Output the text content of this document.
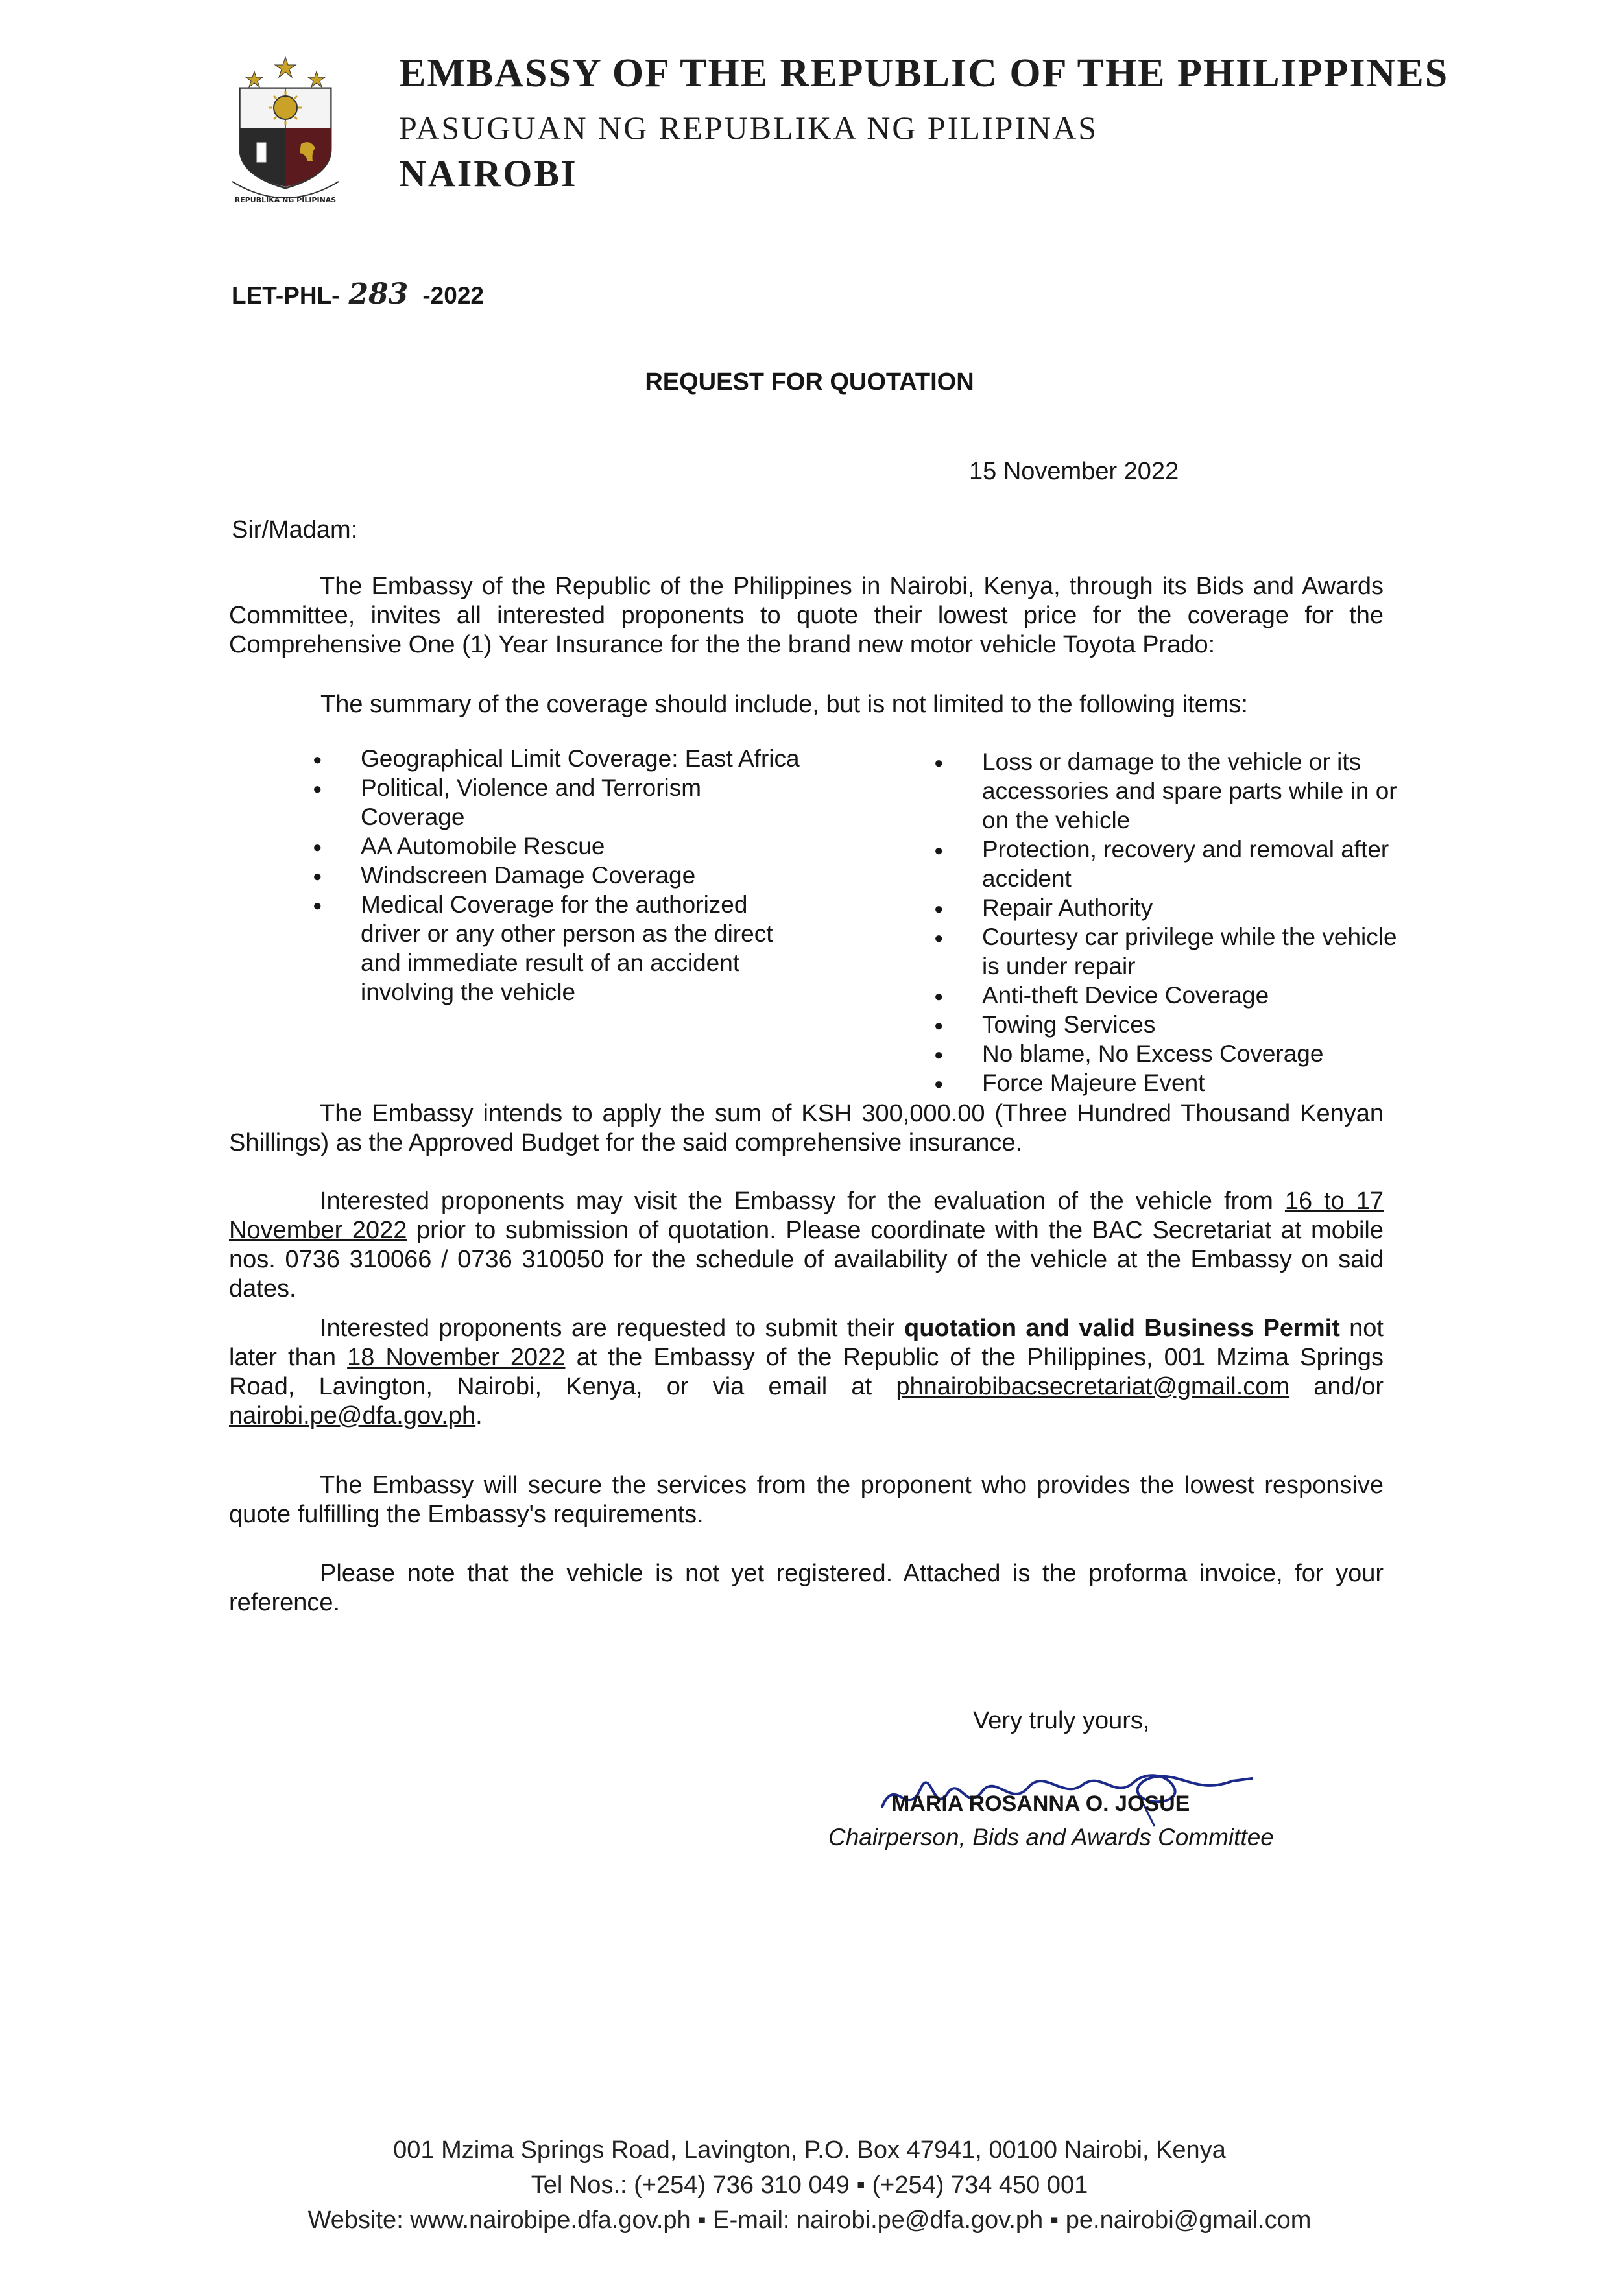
REPUBLIKA NG PILIPINAS
EMBASSY OF THE REPUBLIC OF THE PHILIPPINES
PASUGUAN NG REPUBLIKA NG PILIPINAS
NAIROBI
LET-PHL- 283 -2022
REQUEST FOR QUOTATION
15 November 2022
Sir/Madam:

The Embassy of the Republic of the Philippines in Nairobi, Kenya, through its Bids and Awards Committee, invites all interested proponents to quote their lowest price for the coverage for the Comprehensive One (1) Year Insurance for the the brand new motor vehicle Toyota Prado:

The summary of the coverage should include, but is not limited to the following items:

● Geographical Limit Coverage: East Africa
● Political, Violence and Terrorism Coverage
● AA Automobile Rescue
● Windscreen Damage Coverage
● Medical Coverage for the authorized driver or any other person as the direct and immediate result of an accident involving the vehicle
● Loss or damage to the vehicle or its accessories and spare parts while in or on the vehicle
● Protection, recovery and removal after accident
● Repair Authority
● Courtesy car privilege while the vehicle is under repair
● Anti-theft Device Coverage
● Towing Services
● No blame, No Excess Coverage
● Force Majeure Event

The Embassy intends to apply the sum of KSH 300,000.00 (Three Hundred Thousand Kenyan Shillings) as the Approved Budget for the said comprehensive insurance.

Interested proponents may visit the Embassy for the evaluation of the vehicle from 16 to 17 November 2022 prior to submission of quotation. Please coordinate with the BAC Secretariat at mobile nos. 0736 310066 / 0736 310050 for the schedule of availability of the vehicle at the Embassy on said dates.

Interested proponents are requested to submit their quotation and valid Business Permit not later than 18 November 2022 at the Embassy of the Republic of the Philippines, 001 Mzima Springs Road, Lavington, Nairobi, Kenya, or via email at phnairobibacsecretariat@gmail.com and/or nairobi.pe@dfa.gov.ph.

The Embassy will secure the services from the proponent who provides the lowest responsive quote fulfilling the Embassy's requirements.

Please note that the vehicle is not yet registered. Attached is the proforma invoice, for your reference.

Very truly yours,
MARIA ROSANNA O. JOSUE
Chairperson, Bids and Awards Committee
001 Mzima Springs Road, Lavington, P.O. Box 47941, 00100 Nairobi, Kenya
Tel Nos.: (+254) 736 310 049 ▪ (+254) 734 450 001
Website: www.nairobipe.dfa.gov.ph ▪ E-mail: nairobi.pe@dfa.gov.ph ▪ pe.nairobi@gmail.com
